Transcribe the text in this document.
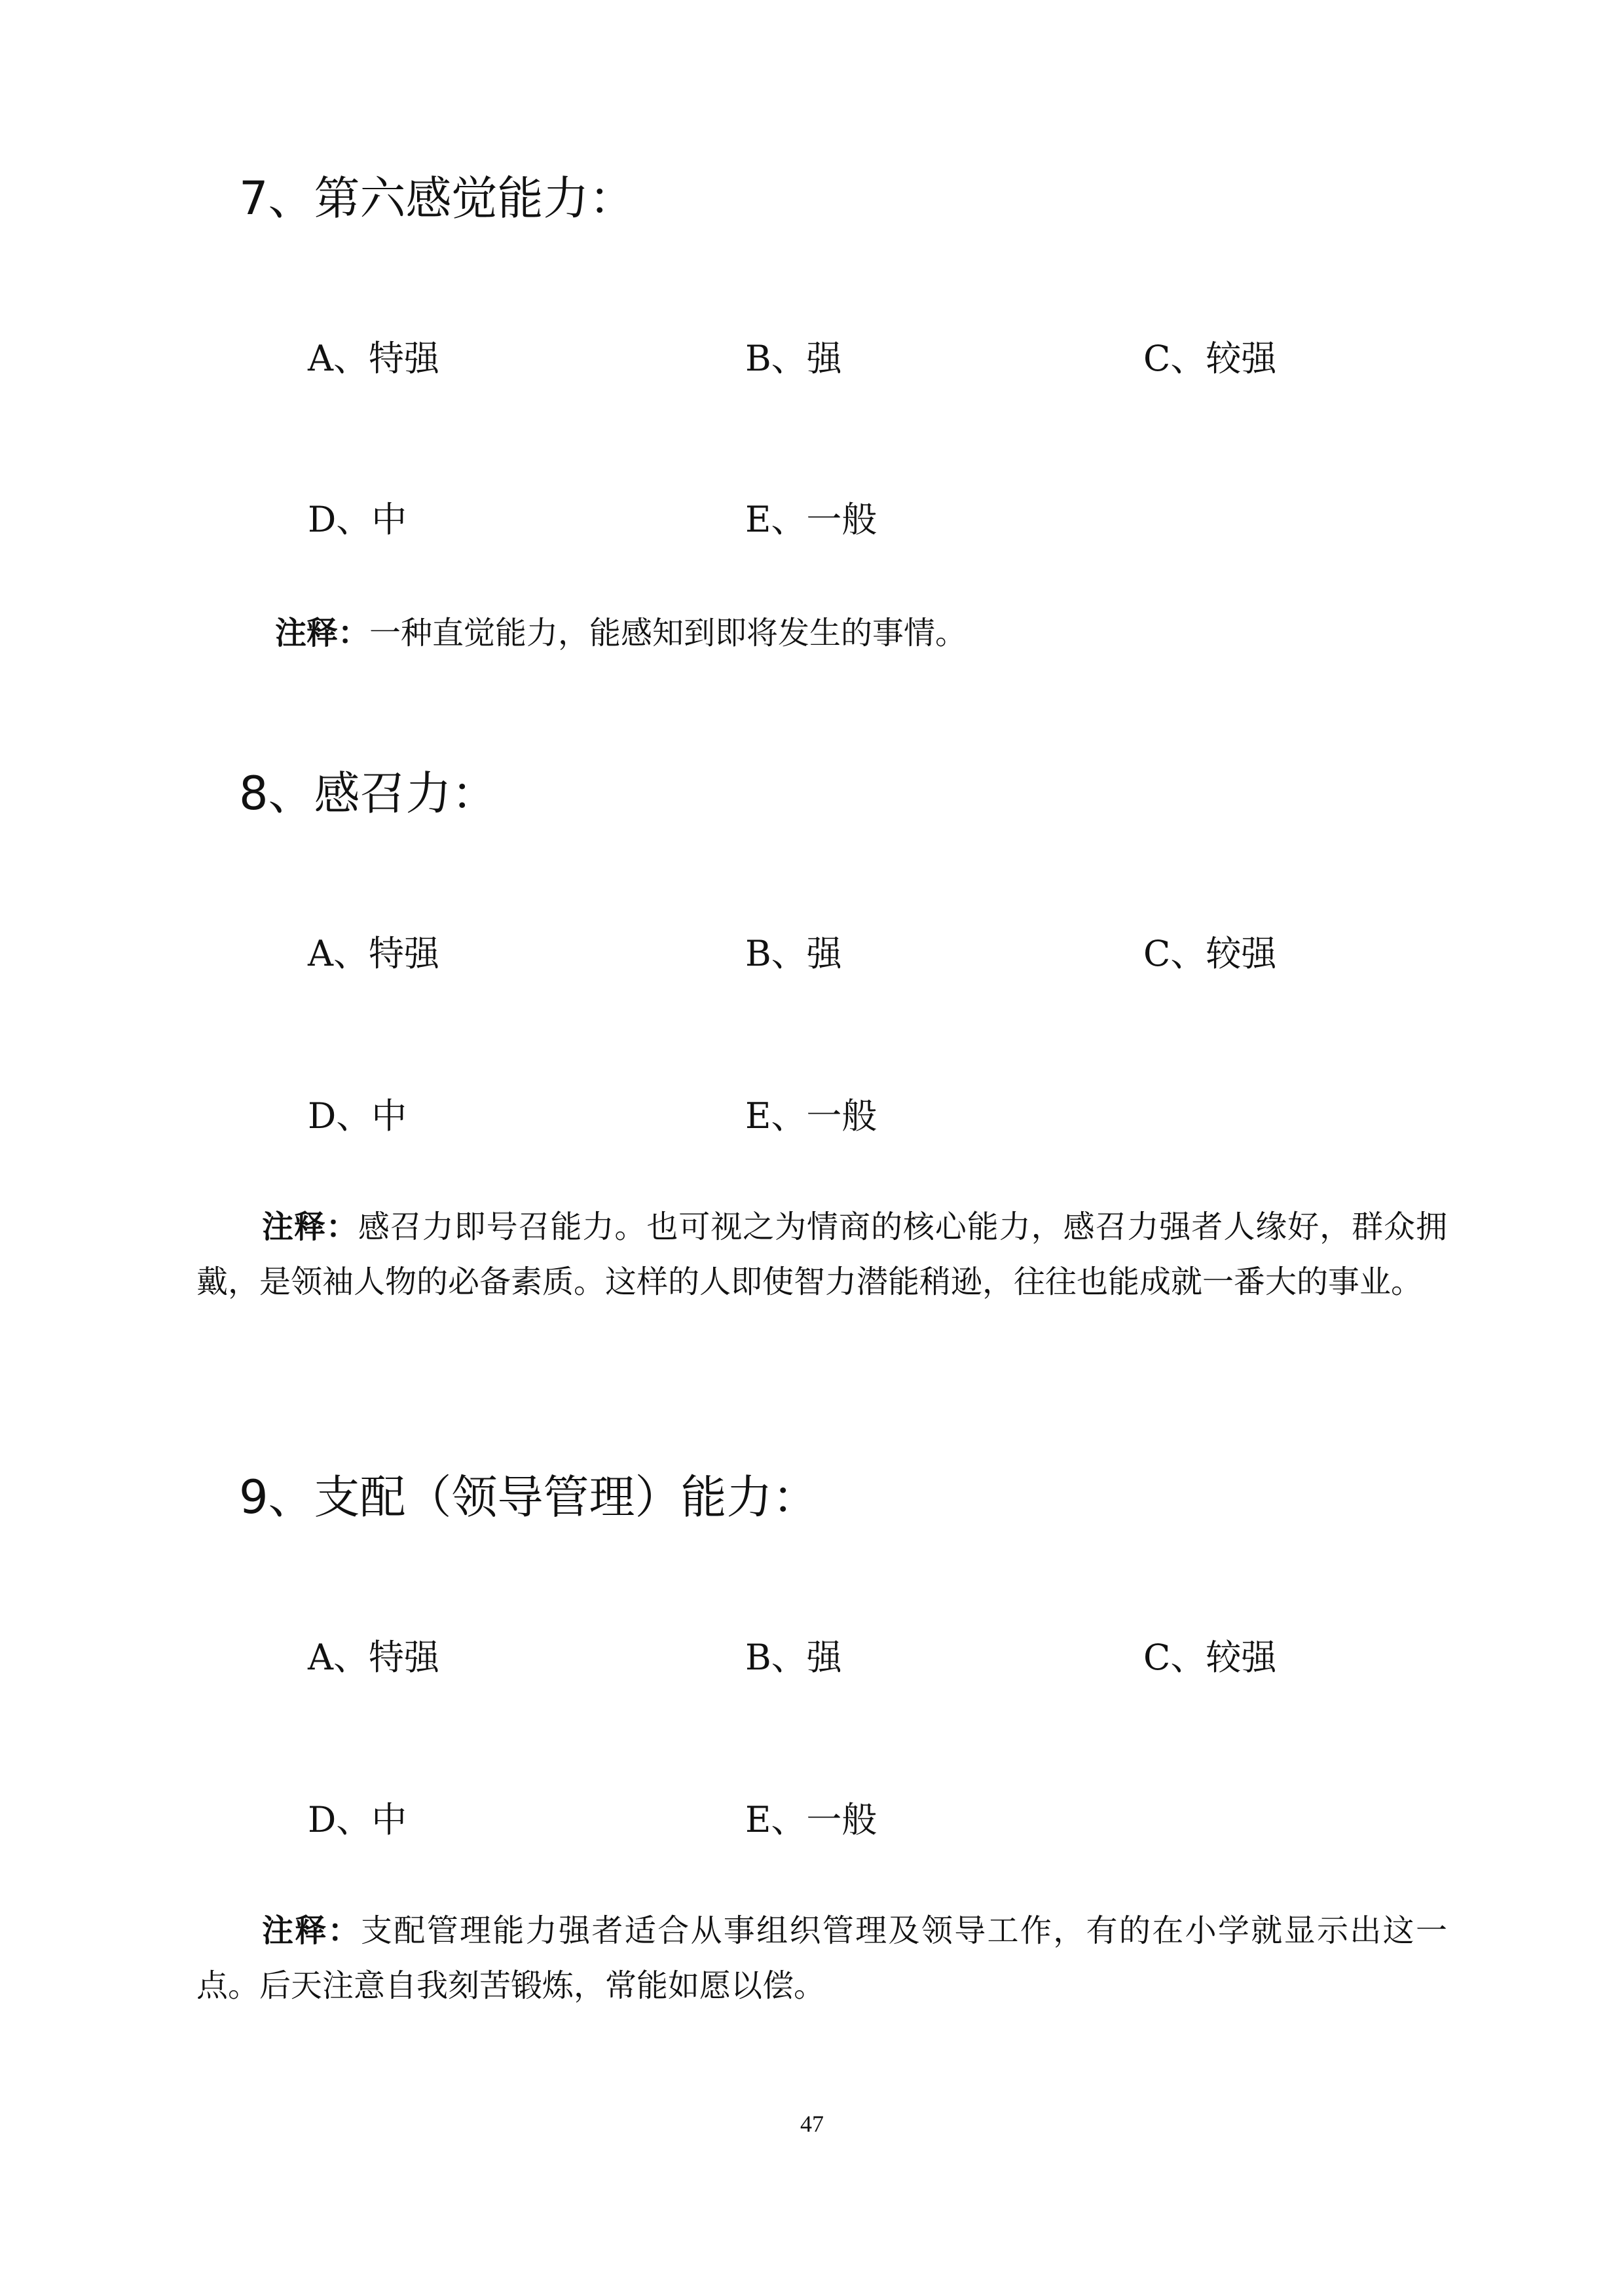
7、第六感觉能力：
A、特强	B、强	C、较强
D、中	E、一般
注释：一种直觉能力，能感知到即将发生的事情。
8、感召力：
A、特强	B、强	C、较强
D、中	E、一般
注释：感召力即号召能力。也可视之为情商的核心能力，感召力强者人缘好，群众拥戴，是领袖人物的必备素质。这样的人即使智力潜能稍逊，往往也能成就一番大的事业。
9、支配（领导管理）能力：
A、特强	B、强	C、较强
D、中	E、一般
注释：支配管理能力强者适合从事组织管理及领导工作，有的在小学就显示出这一点。后天注意自我刻苦锻炼，常能如愿以偿。
47
